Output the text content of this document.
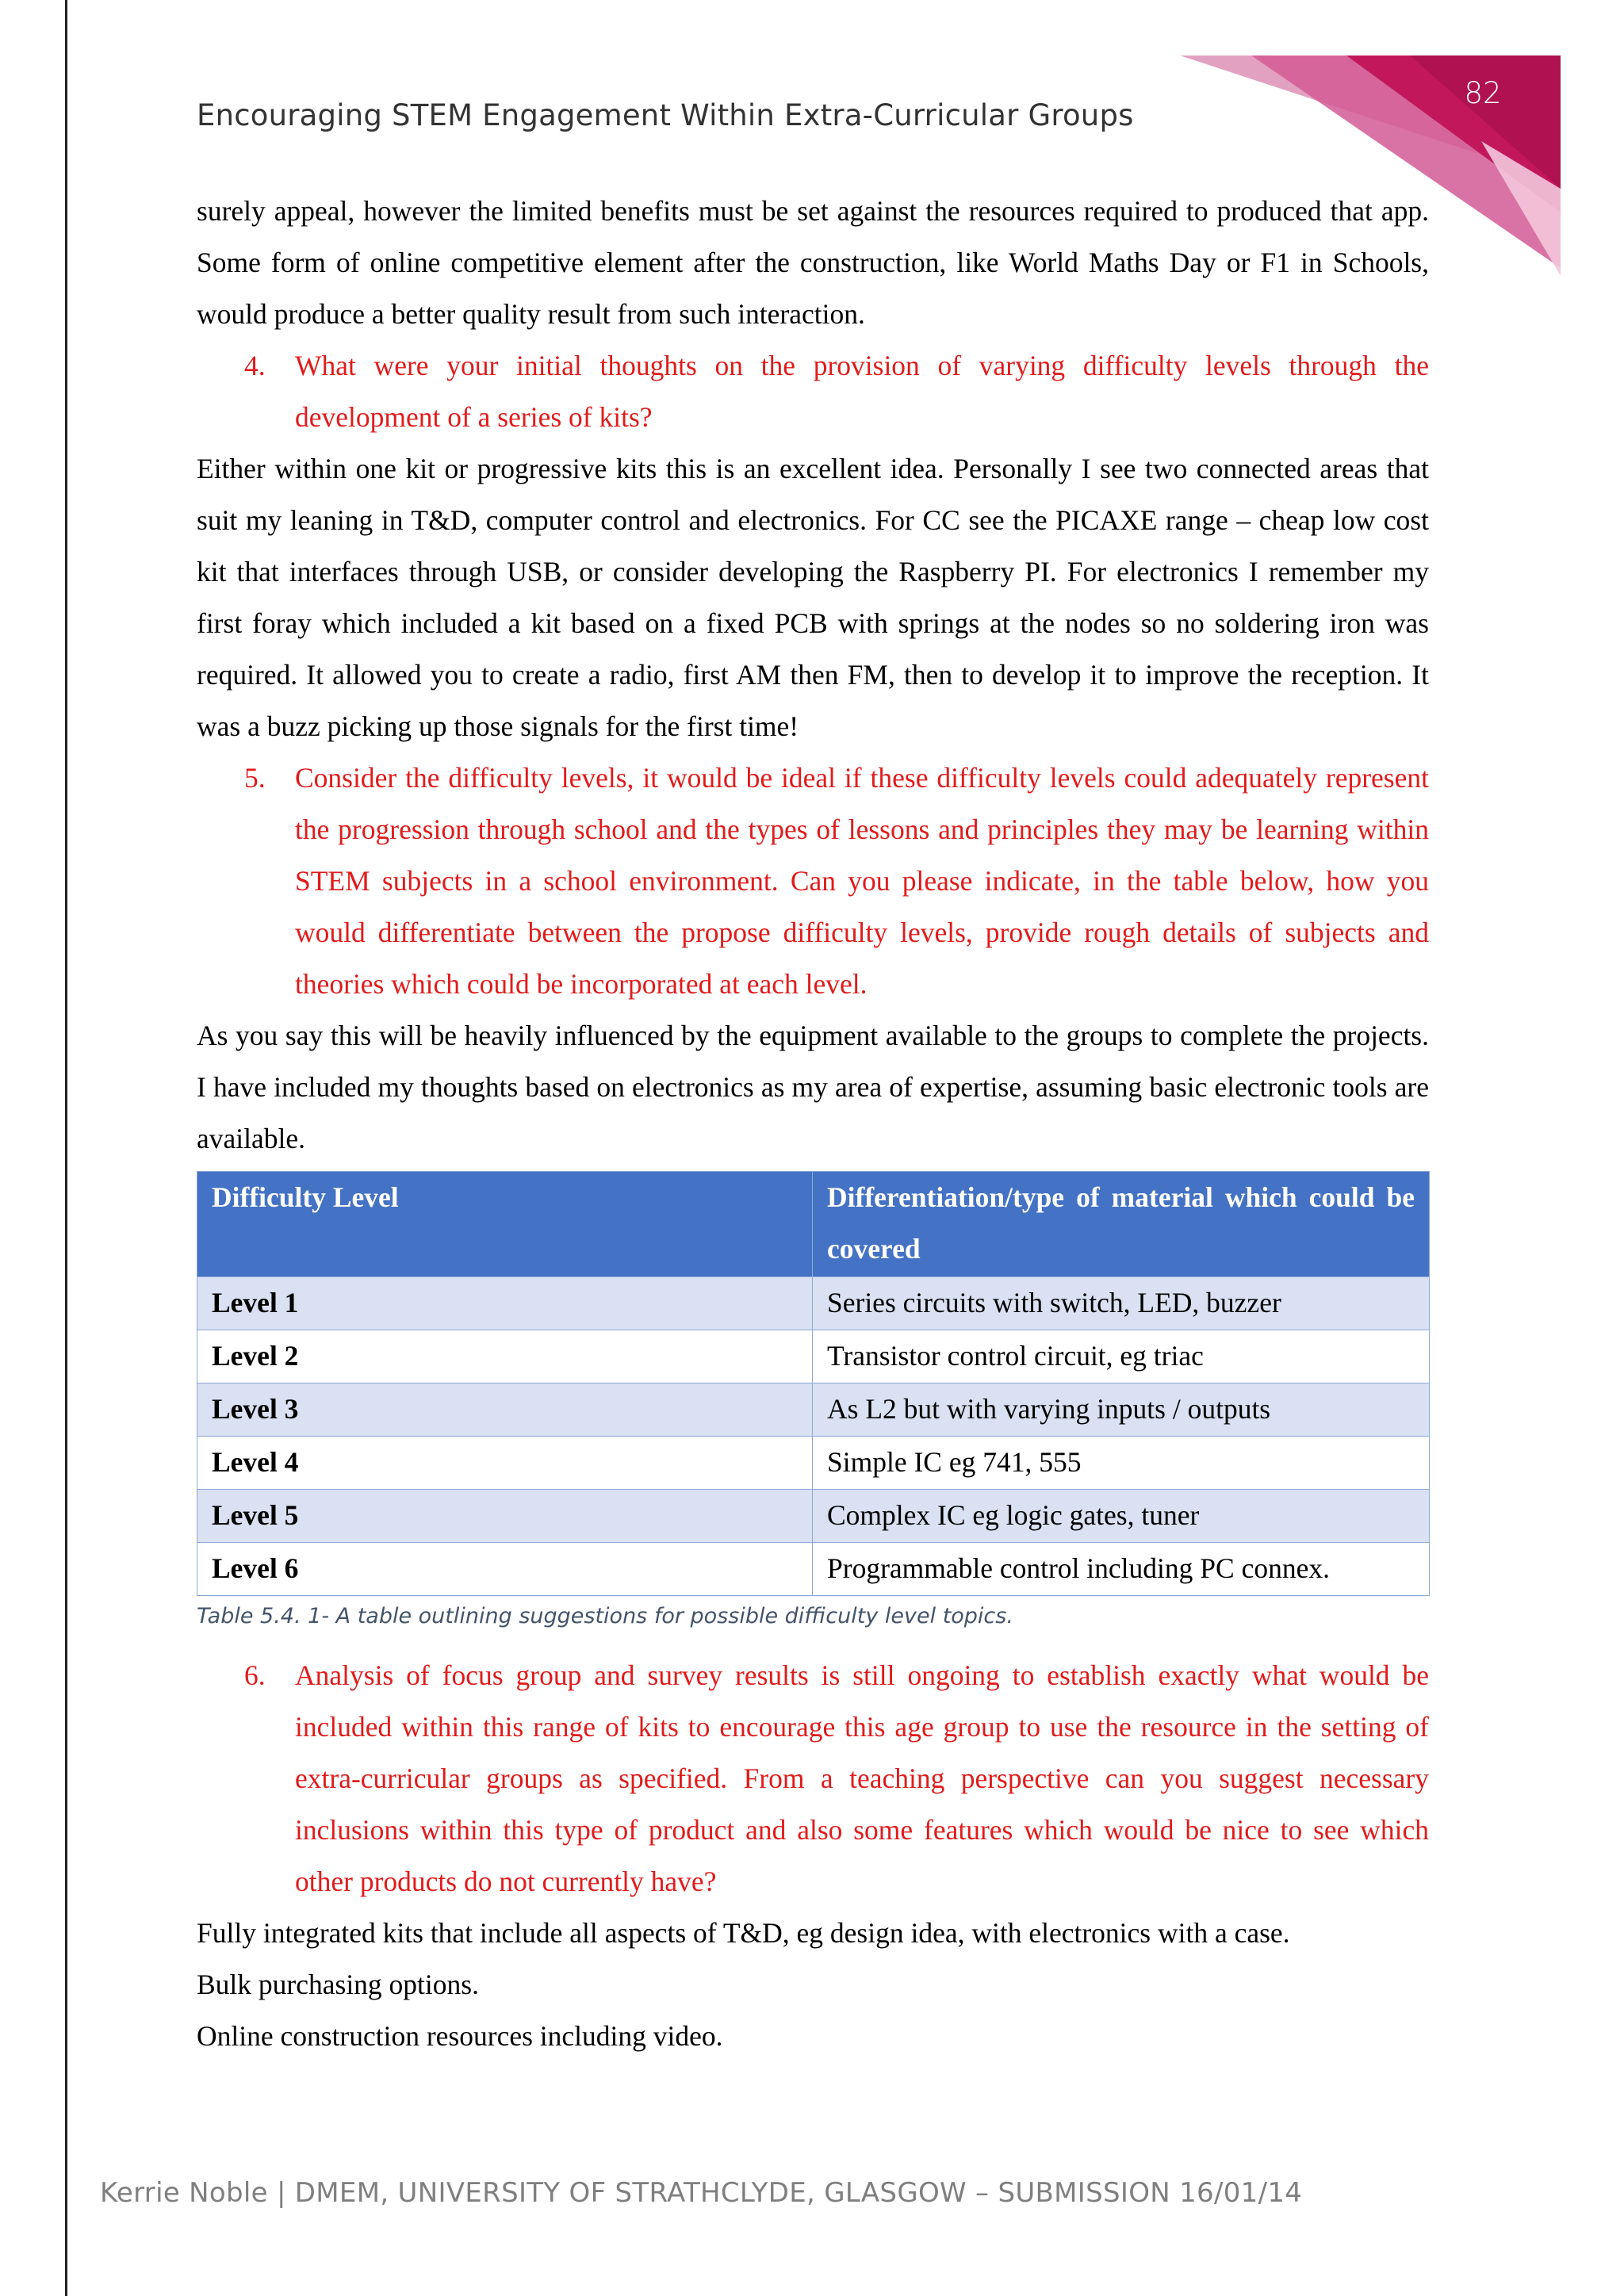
82
Encouraging STEM Engagement Within Extra-Curricular Groups

surely appeal, however the limited benefits must be set against the resources required to produced that app. Some form of online competitive element after the construction, like World Maths Day or F1 in Schools, would produce a better quality result from such interaction.

4. What were your initial thoughts on the provision of varying difficulty levels through the development of a series of kits?

Either within one kit or progressive kits this is an excellent idea. Personally I see two connected areas that suit my leaning in T&D, computer control and electronics. For CC see the PICAXE range – cheap low cost kit that interfaces through USB, or consider developing the Raspberry PI. For electronics I remember my first foray which included a kit based on a fixed PCB with springs at the nodes so no soldering iron was required. It allowed you to create a radio, first AM then FM, then to develop it to improve the reception. It was a buzz picking up those signals for the first time!

5. Consider the difficulty levels, it would be ideal if these difficulty levels could adequately represent the progression through school and the types of lessons and principles they may be learning within STEM subjects in a school environment. Can you please indicate, in the table below, how you would differentiate between the propose difficulty levels, provide rough details of subjects and theories which could be incorporated at each level.

As you say this will be heavily influenced by the equipment available to the groups to complete the projects. I have included my thoughts based on electronics as my area of expertise, assuming basic electronic tools are available.

Difficulty Level	Differentiation/type of material which could be covered
Level 1	Series circuits with switch, LED, buzzer
Level 2	Transistor control circuit, eg triac
Level 3	As L2 but with varying inputs / outputs
Level 4	Simple IC eg 741, 555
Level 5	Complex IC eg logic gates, tuner
Level 6	Programmable control including PC connex.
Table 5.4. 1- A table outlining suggestions for possible difficulty level topics.

6. Analysis of focus group and survey results is still ongoing to establish exactly what would be included within this range of kits to encourage this age group to use the resource in the setting of extra-curricular groups as specified. From a teaching perspective can you suggest necessary inclusions within this type of product and also some features which would be nice to see which other products do not currently have?

Fully integrated kits that include all aspects of T&D, eg design idea, with electronics with a case.

Bulk purchasing options.

Online construction resources including video.

Kerrie Noble | DMEM, UNIVERSITY OF STRATHCLYDE, GLASGOW – SUBMISSION 16/01/14
